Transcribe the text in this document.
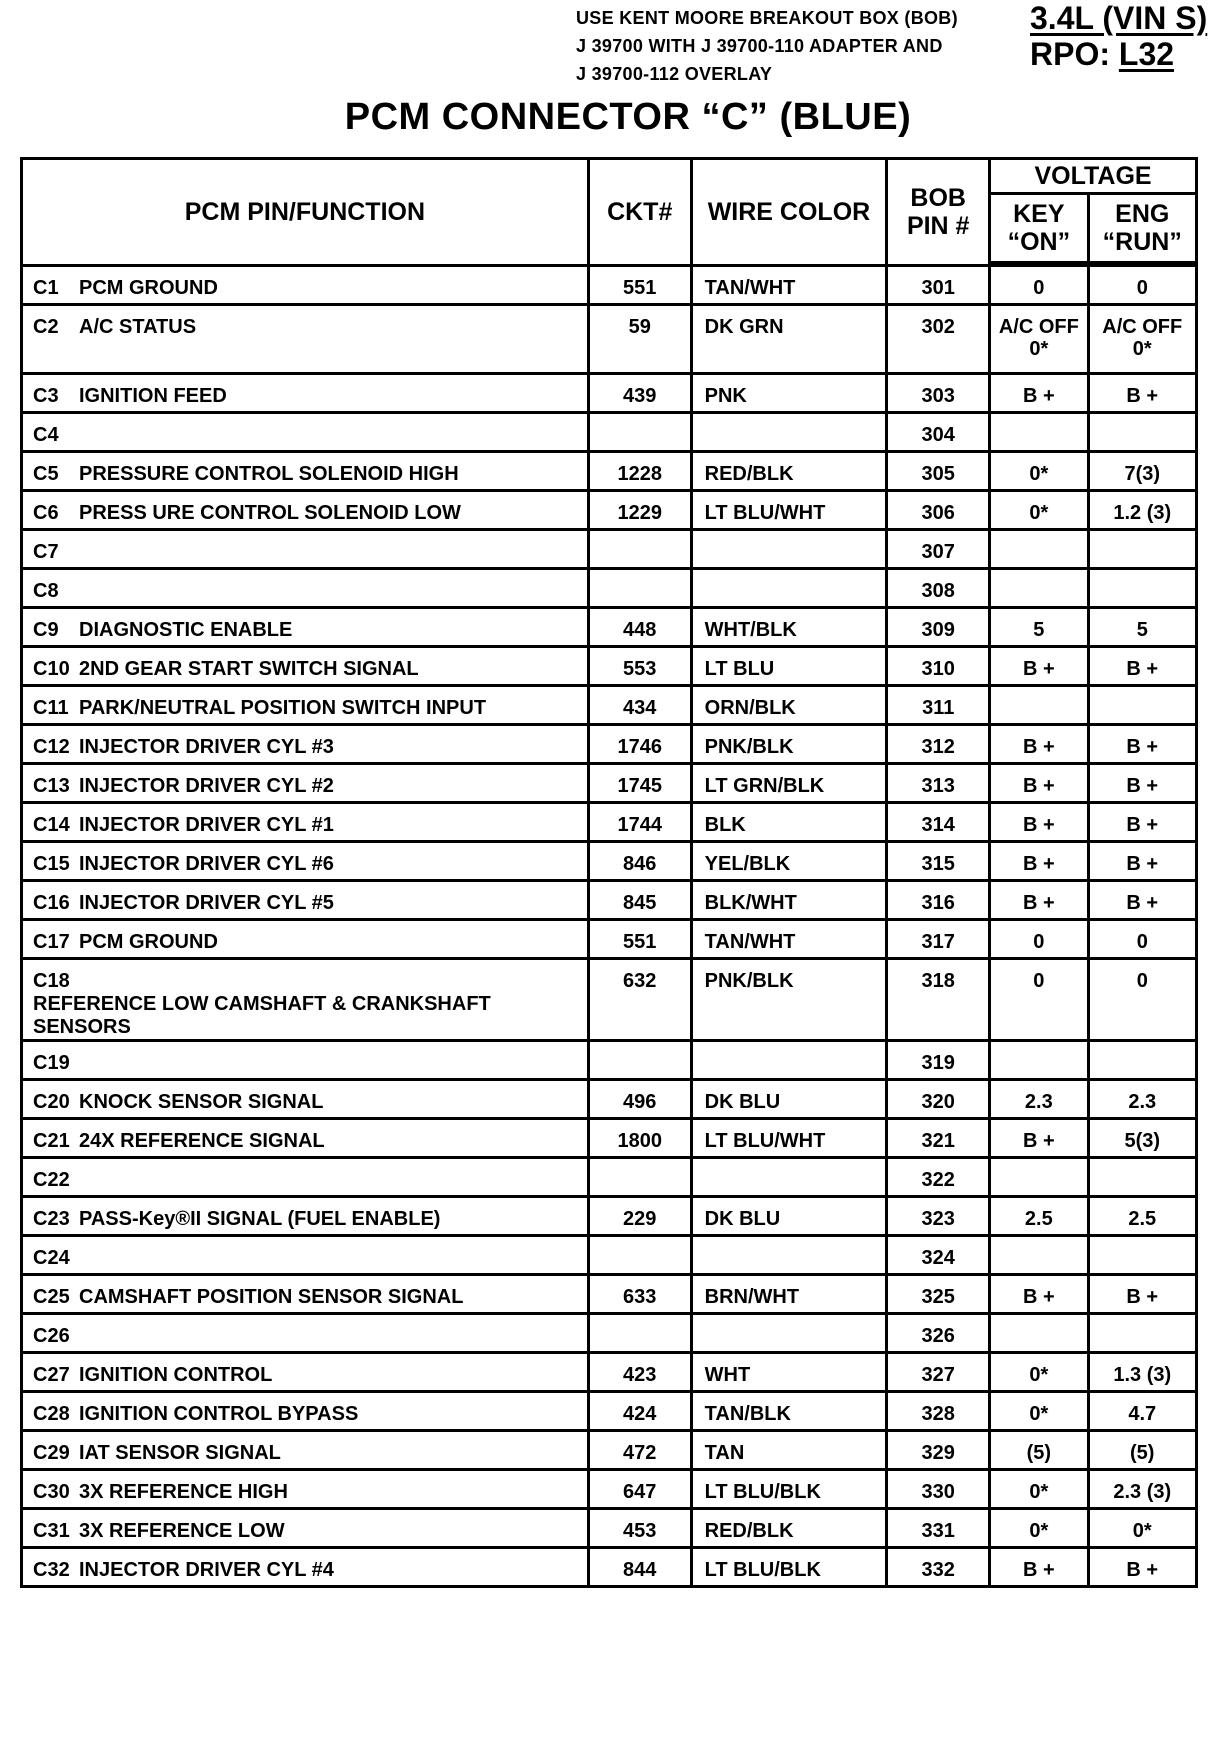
USE KENT MOORE BREAKOUT BOX (BOB)
J 39700 WITH J 39700-110 ADAPTER AND
J 39700-112 OVERLAY
3.4L (VIN S)
RPO: L32
PCM CONNECTOR “C” (BLUE)
PCM PIN/FUNCTION	CKT#	WIRE COLOR	BOB PIN #	VOLTAGE	
				KEY “ON”	ENG “RUN”
C1 PCM GROUND	551	TAN/WHT	301	0	0
C2 A/C STATUS	59	DK GRN	302	A/C OFF 0*	A/C OFF 0*
C3 IGNITION FEED	439	PNK	303	B +	B +
C4			304		
C5 PRESSURE CONTROL SOLENOID HIGH	1228	RED/BLK	305	0*	7(3)
C6 PRESS URE CONTROL SOLENOID LOW	1229	LT BLU/WHT	306	0*	1.2 (3)
C7			307		
C8			308		
C9 DIAGNOSTIC ENABLE	448	WHT/BLK	309	5	5
C10 2ND GEAR START SWITCH SIGNAL	553	LT BLU	310	B +	B +
C11 PARK/NEUTRAL POSITION SWITCH INPUT	434	ORN/BLK	311		
C12 INJECTOR DRIVER CYL #3	1746	PNK/BLK	312	B +	B +
C13 INJECTOR DRIVER CYL #2	1745	LT GRN/BLK	313	B +	B +
C14 INJECTOR DRIVER CYL #1	1744	BLK	314	B +	B +
C15 INJECTOR DRIVER CYL #6	846	YEL/BLK	315	B +	B +
C16 INJECTOR DRIVER CYL #5	845	BLK/WHT	316	B +	B +
C17 PCM GROUND	551	TAN/WHT	317	0	0
C18REFERENCE LOW CAMSHAFT & CRANKSHAFT SENSORS	632	PNK/BLK	318	0	0
C19			319		
C20 KNOCK SENSOR SIGNAL	496	DK BLU	320	2.3	2.3
C21 24X REFERENCE SIGNAL	1800	LT BLU/WHT	321	B +	5(3)
C22			322		
C23 PASS-Key®II SIGNAL (FUEL ENABLE)	229	DK BLU	323	2.5	2.5
C24			324		
C25 CAMSHAFT POSITION SENSOR SIGNAL	633	BRN/WHT	325	B +	B +
C26			326		
C27 IGNITION CONTROL	423	WHT	327	0*	1.3 (3)
C28 IGNITION CONTROL BYPASS	424	TAN/BLK	328	0*	4.7
C29 IAT SENSOR SIGNAL	472	TAN	329	(5)	(5)
C30 3X REFERENCE HIGH	647	LT BLU/BLK	330	0*	2.3 (3)
C31 3X REFERENCE LOW	453	RED/BLK	331	0*	0*
C32 INJECTOR DRIVER CYL #4	844	LT BLU/BLK	332	B +	B +
